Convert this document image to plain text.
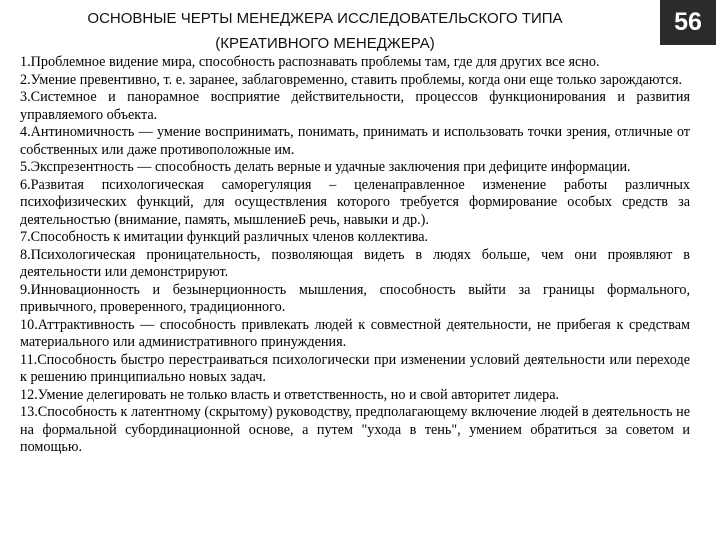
ОСНОВНЫЕ ЧЕРТЫ МЕНЕДЖЕРА ИССЛЕДОВАТЕЛЬСКОГО ТИПА
(КРЕАТИВНОГО МЕНЕДЖЕРА)
56

1.Проблемное видение мира, способность распознавать проблемы там, где для других все ясно.

2.Умение превентивно, т. е. заранее, заблаговременно, ставить проблемы, когда они еще только зарождаются.

3.Системное и панорамное восприятие действительности, процессов функционирования и развития управляемого объекта.

4.Антиномичность — умение воспринимать, понимать, принимать и использовать точки зрения, отличные от собственных или даже противоположные им.

5.Экспрезентность — способность делать верные и удачные заключения при дефиците информации.

6.Развитая психологическая саморегуляция – целенаправленное изменение работы различных психофизических функций, для осуществления которого требуется формирование особых средств за деятельностью (внимание, память, мышлениеБ речь, навыки и др.).

7.Способность к имитации функций различных членов коллектива.

8.Психологическая проницательность, позволяющая видеть в людях больше, чем они проявляют в деятельности или демонстрируют.

9.Инновационность и безынерционность мышления, способность выйти за границы формального, привычного, проверенного, традиционного.

10.Аттрактивность — способность привлекать людей к совместной деятельности, не прибегая к средствам материального или административного принуждения.

11.Способность быстро перестраиваться психологически при изменении условий деятельности или переходе к решению принципиально новых задач.

12.Умение делегировать не только власть и ответственность, но и свой авторитет лидера.

13.Способность к латентному (скрытому) руководству, предполагающему включение людей в деятельность не на формальной субординационной основе, а путем "ухода в тень", умением обратиться за советом и помощью.
